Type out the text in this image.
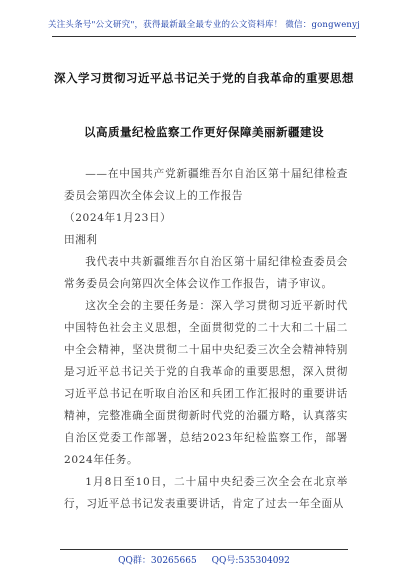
关注头条号"公文研究"，获得最新最全最专业的公文资料库！ 微信：gongwenyj
深入学习贯彻习近平总书记关于党的自我革命的重要思想
以高质量纪检监察工作更好保障美丽新疆建设

——在中国共产党新疆维吾尔自治区第十届纪律检查委员会第四次全体会议上的工作报告

（2024年1月23日）

田湘利

我代表中共新疆维吾尔自治区第十届纪律检查委员会常务委员会向第四次全体会议作工作报告，请予审议。

这次全会的主要任务是：深入学习贯彻习近平新时代中国特色社会主义思想，全面贯彻党的二十大和二十届二中全会精神，坚决贯彻二十届中央纪委三次全会精神特别是习近平总书记关于党的自我革命的重要思想，深入贯彻习近平总书记在听取自治区和兵团工作汇报时的重要讲话精神，完整准确全面贯彻新时代党的治疆方略，认真落实自治区党委工作部署，总结2023年纪检监察工作，部署2024年任务。

1月8日至10日，二十届中央纪委三次全会在北京举行，习近平总书记发表重要讲话，肯定了过去一年全面从

QQ群：30265665 QQ号:535304092
